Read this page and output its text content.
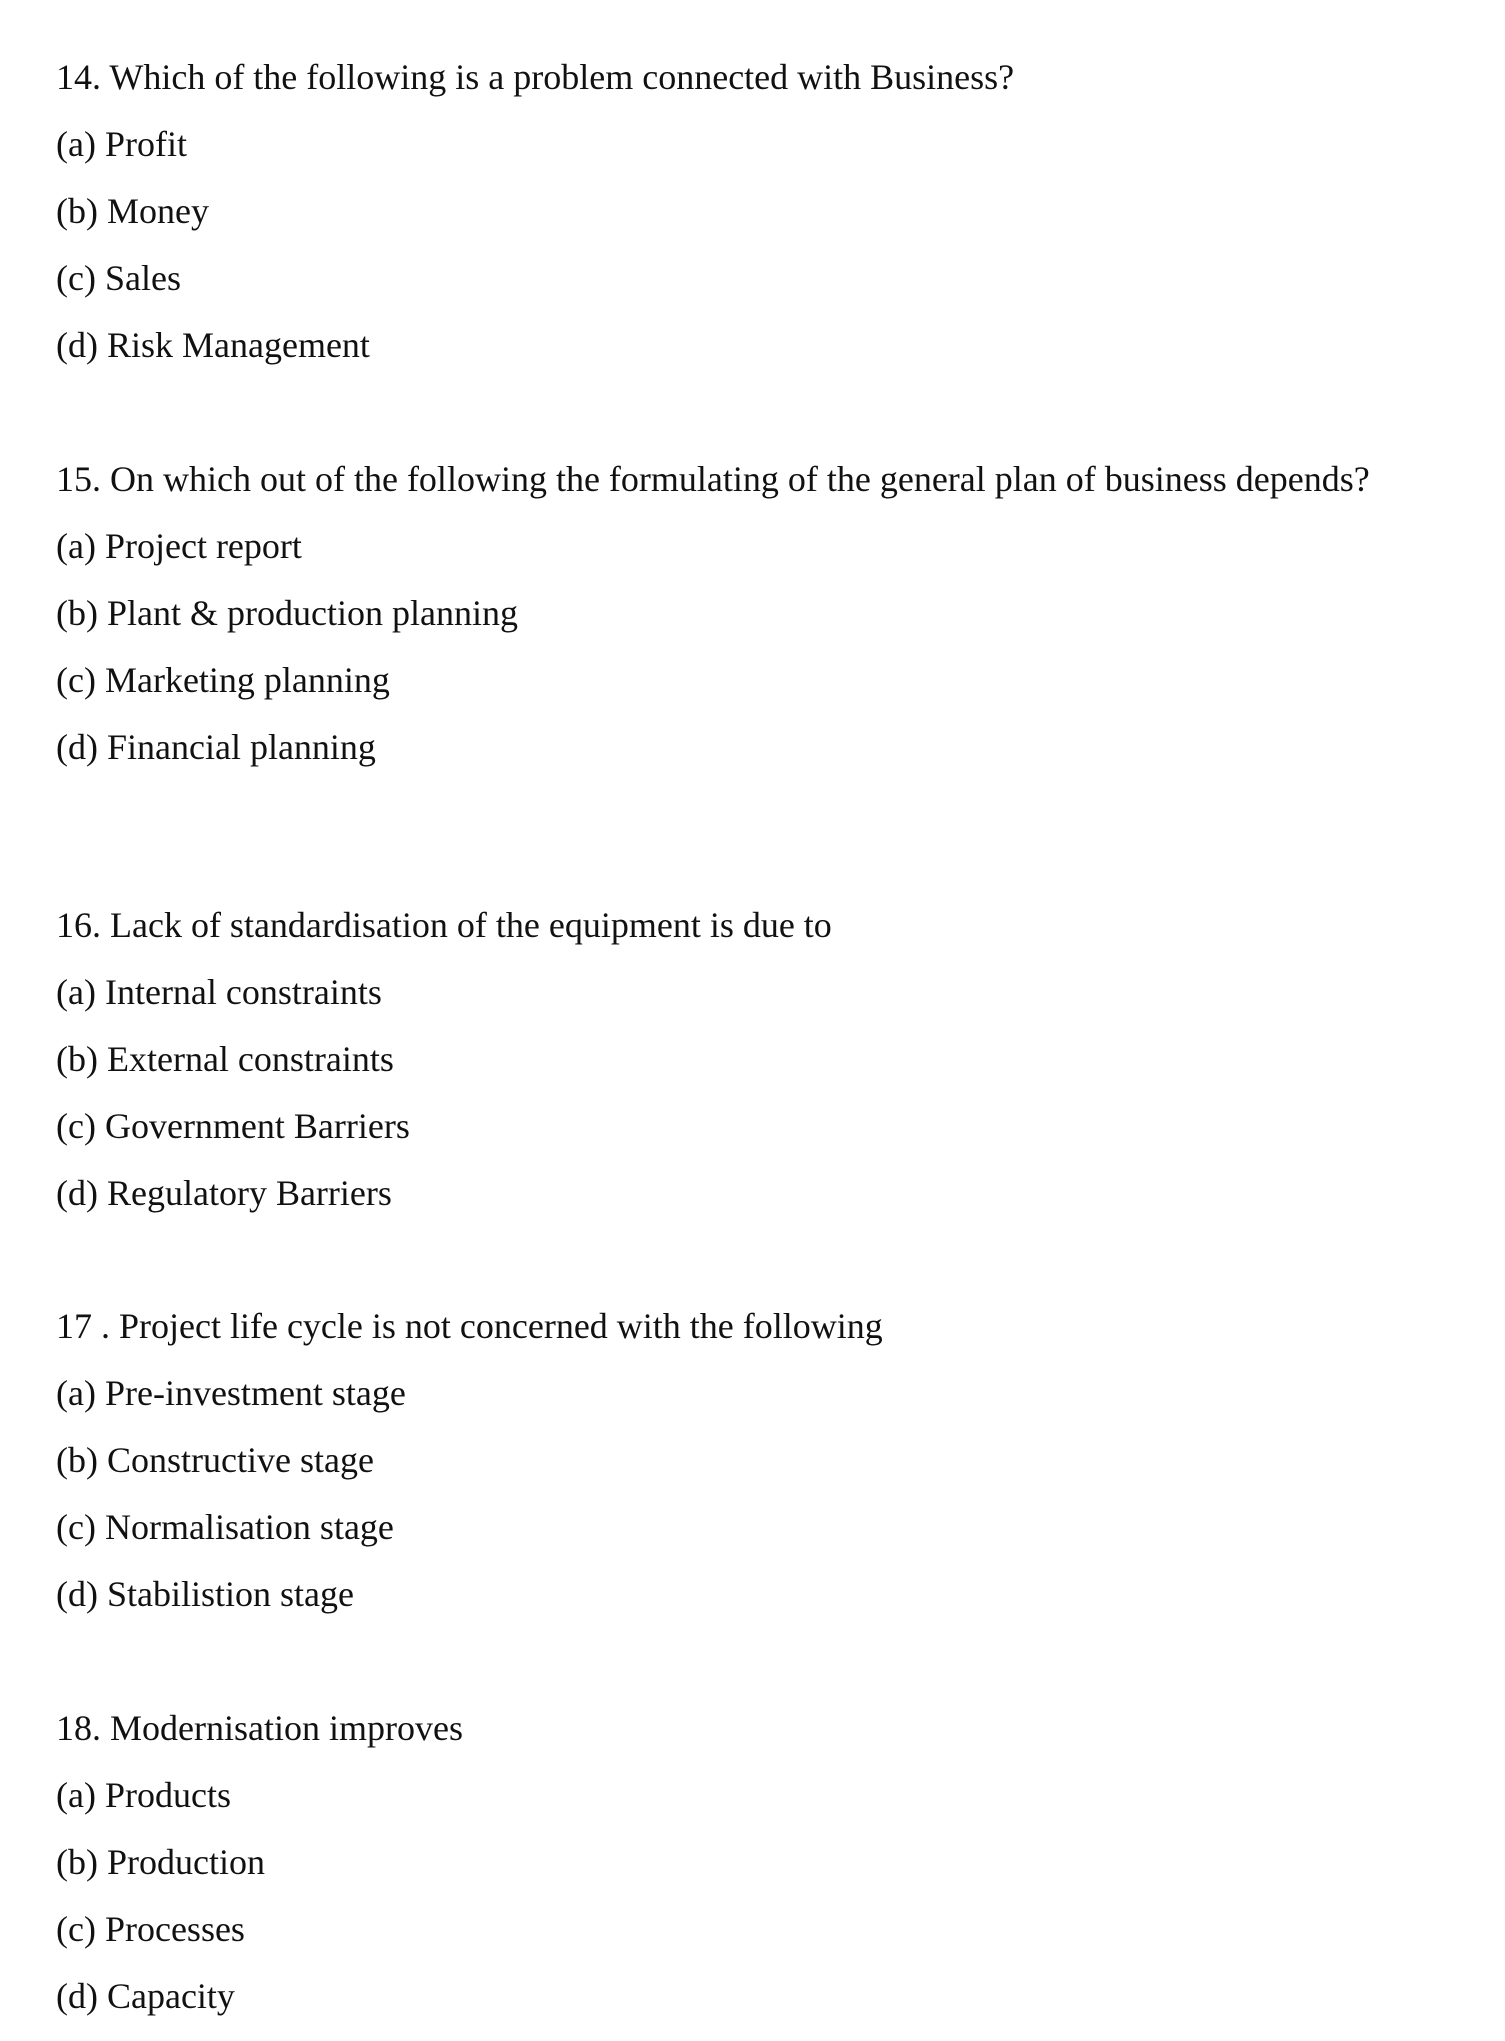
14. Which of the following is a problem connected with Business?

(a) Profit
(b) Money
(c) Sales
(d) Risk Management

15. On which out of the following the formulating of the general plan of business depends?

(a) Project report
(b) Plant & production planning
(c) Marketing planning
(d) Financial planning

16. Lack of standardisation of the equipment is due to

(a) Internal constraints
(b) External constraints
(c) Government Barriers
(d) Regulatory Barriers

17 . Project life cycle is not concerned with the following

(a) Pre-investment stage
(b) Constructive stage
(c) Normalisation stage
(d) Stabilistion stage

18. Modernisation improves

(a) Products
(b) Production
(c) Processes
(d) Capacity
